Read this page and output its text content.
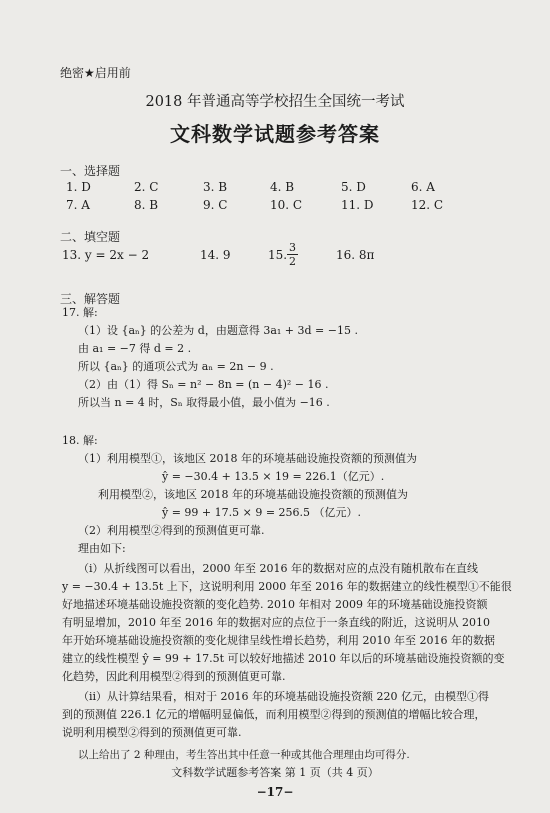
绝密★启用前
2018 年普通高等学校招生全国统一考试
文科数学试题参考答案
一、选择题
1. D	2. C	3. B	4. B	5. D	6. A
7. A	8. B	9. C	10. C	11. D	12. C
二、填空题
13. y = 2x − 2	14. 9	15. $\frac{3}{2}$	16. 8π
三、解答题
17. 解:
（1）设 {aₙ} 的公差为 d，由题意得 3a₁ + 3d = −15 .
由 a₁ = −7 得 d = 2 .
所以 {aₙ} 的通项公式为 aₙ = 2n − 9 .
（2）由（1）得 Sₙ = n² − 8n = (n − 4)² − 16 .
所以当 n = 4 时，Sₙ 取得最小值，最小值为 −16 .
18. 解:
（1）利用模型①，该地区 2018 年的环境基础设施投资额的预测值为
ŷ = −30.4 + 13.5 × 19 = 226.1（亿元）.
利用模型②，该地区 2018 年的环境基础设施投资额的预测值为
ŷ = 99 + 17.5 × 9 = 256.5 （亿元）.
（2）利用模型②得到的预测值更可靠.
理由如下:
（ⅰ）从折线图可以看出，2000 年至 2016 年的数据对应的点没有随机散布在直线
y = −30.4 + 13.5t 上下，这说明利用 2000 年至 2016 年的数据建立的线性模型①不能很
好地描述环境基础设施投资额的变化趋势. 2010 年相对 2009 年的环境基础设施投资额
有明显增加，2010 年至 2016 年的数据对应的点位于一条直线的附近，这说明从 2010
年开始环境基础设施投资额的变化规律呈线性增长趋势，利用 2010 年至 2016 年的数据
建立的线性模型 ŷ = 99 + 17.5t 可以较好地描述 2010 年以后的环境基础设施投资额的变
化趋势，因此利用模型②得到的预测值更可靠.
（ⅱ）从计算结果看，相对于 2016 年的环境基础设施投资额 220 亿元，由模型①得
到的预测值 226.1 亿元的增幅明显偏低，而利用模型②得到的预测值的增幅比较合理，
说明利用模型②得到的预测值更可靠.
以上给出了 2 种理由，考生答出其中任意一种或其他合理理由均可得分.
文科数学试题参考答案 第 1 页（共 4 页）
−17−
